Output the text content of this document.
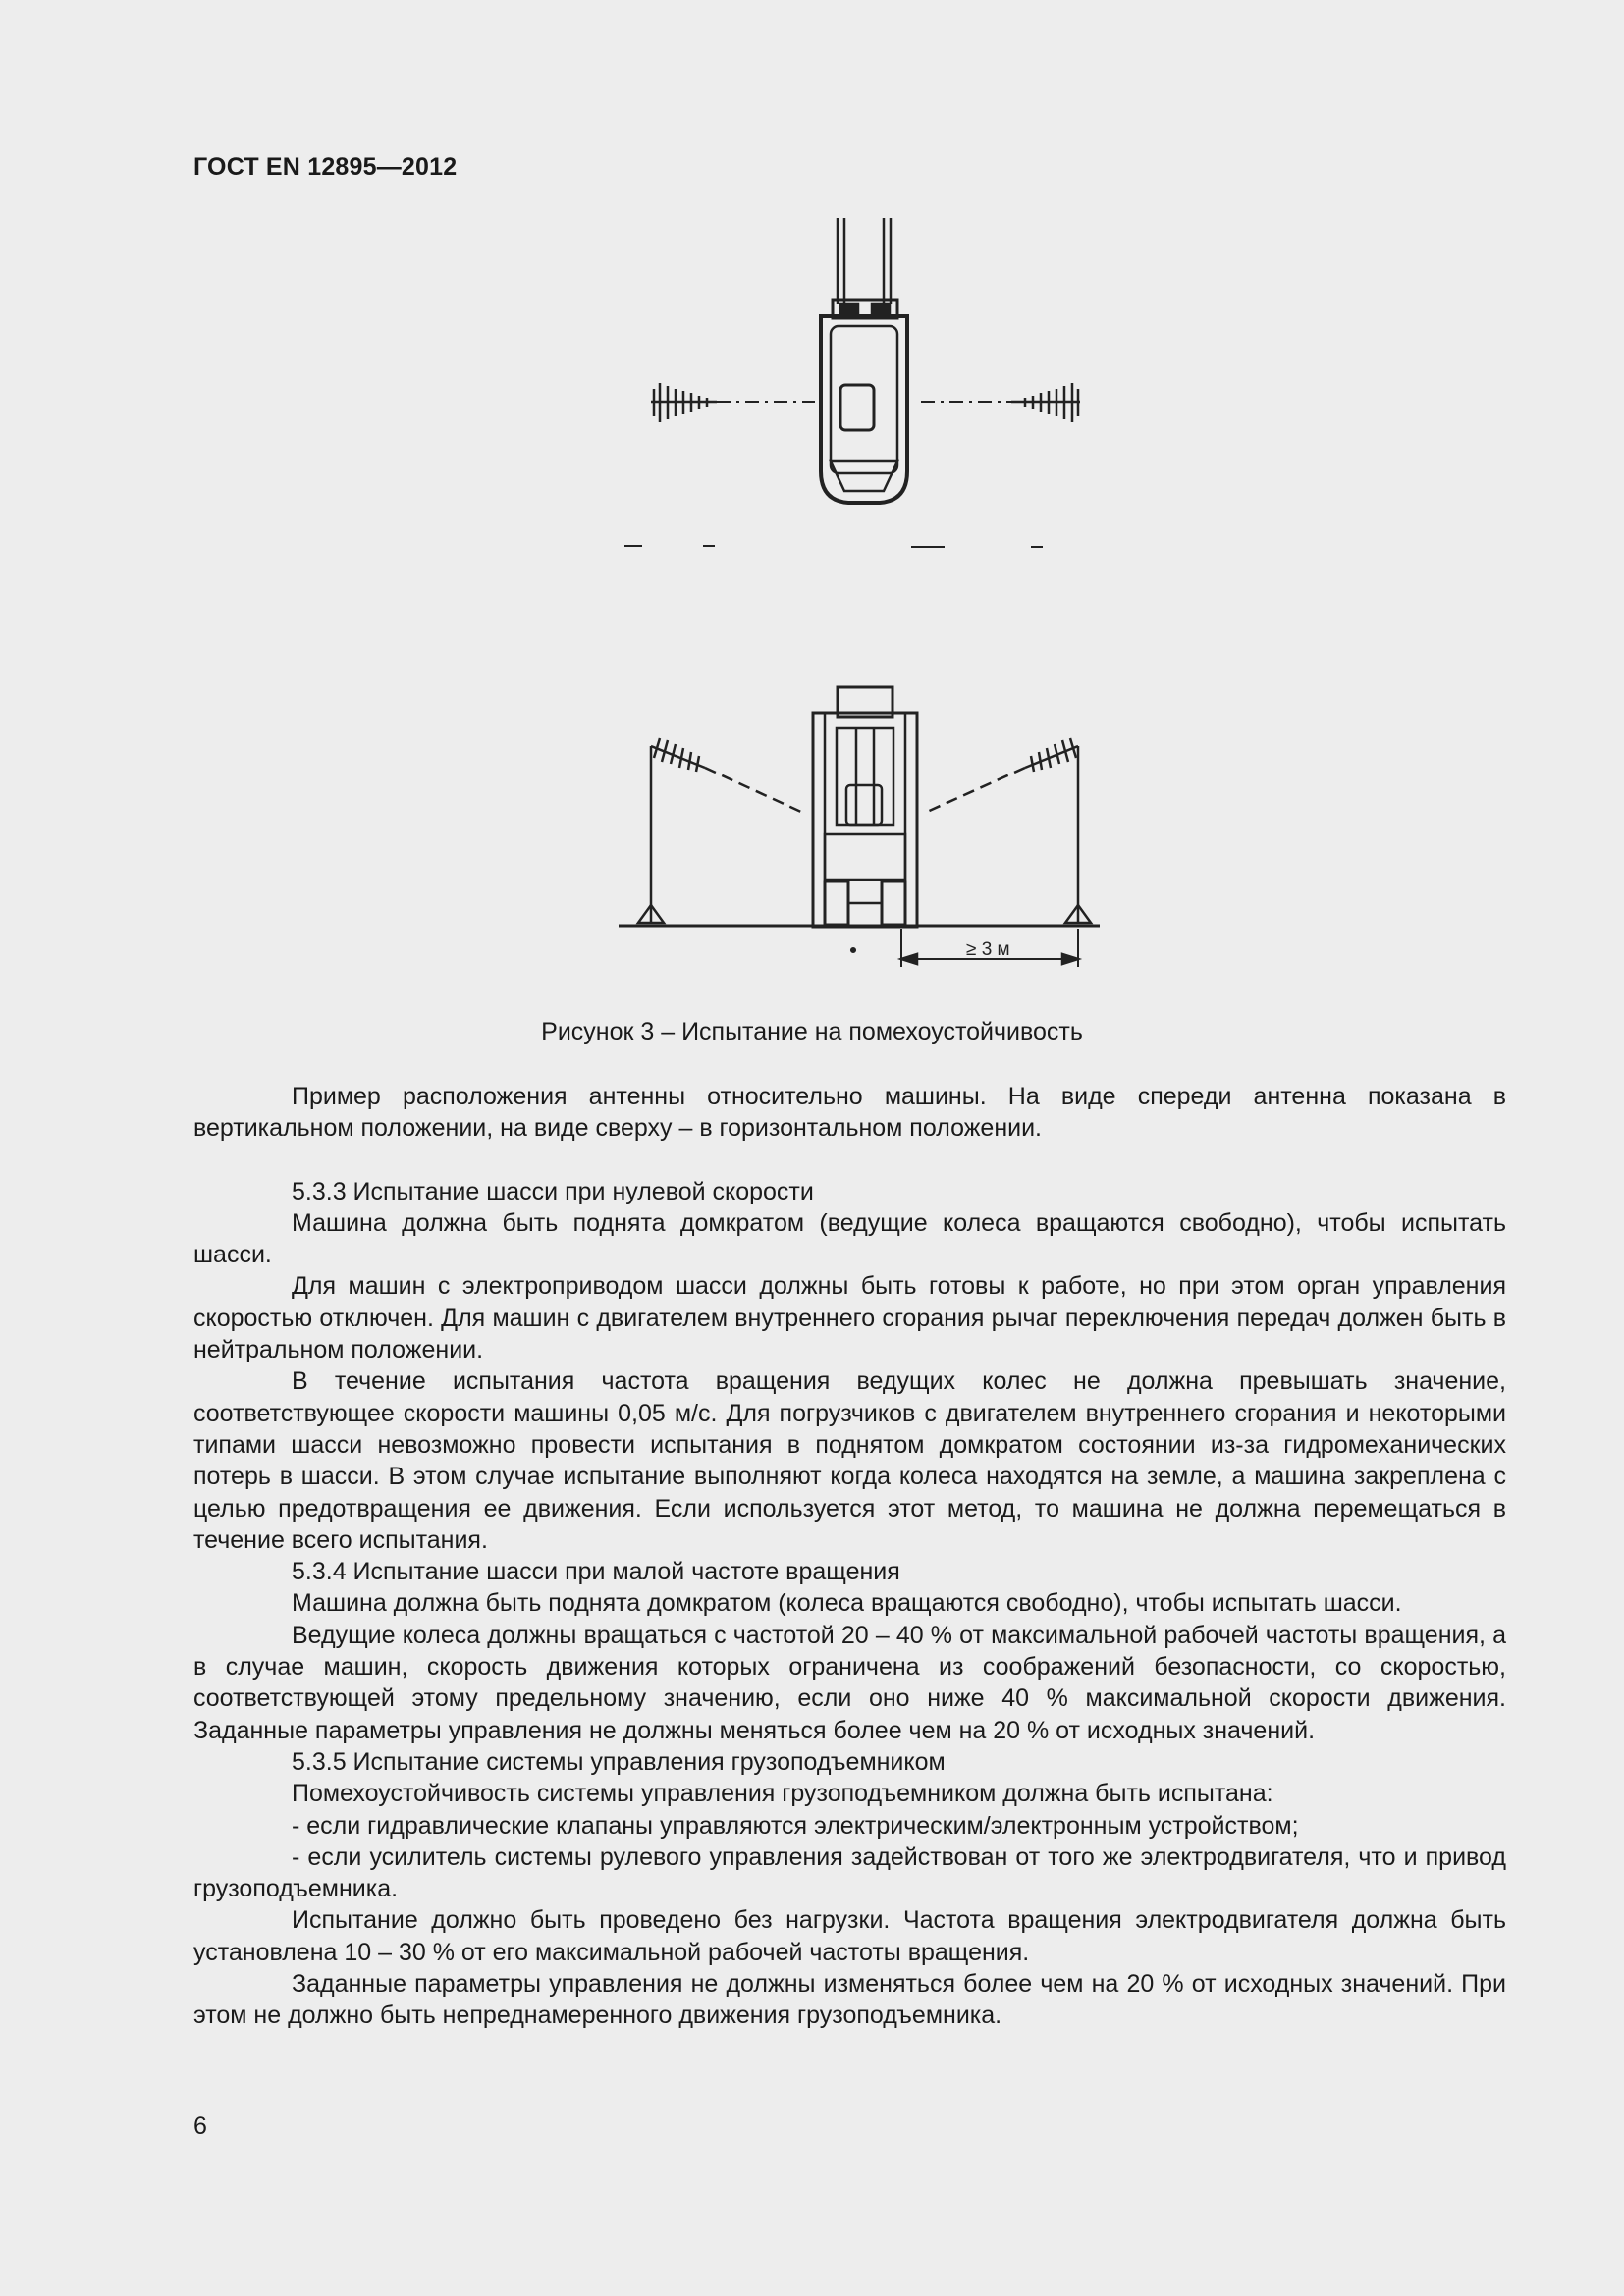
ГОСТ EN 12895—2012
≥ 3 м
Рисунок 3 – Испытание на помехоустойчивость

Пример расположения антенны относительно машины. На виде спереди антенна показана в вертикальном положении, на виде сверху – в горизонтальном положении.

5.3.3 Испытание шасси при нулевой скорости

Машина должна быть поднята домкратом (ведущие колеса вращаются свободно), чтобы испытать шасси.

Для машин с электроприводом шасси должны быть готовы к работе, но при этом орган управления скоростью отключен. Для машин с двигателем внутреннего сгорания рычаг переключения передач должен быть в нейтральном положении.

В течение испытания частота вращения ведущих колес не должна превышать значение, соответствующее скорости машины 0,05 м/с. Для погрузчиков с двигателем внутреннего сгорания и некоторыми типами шасси невозможно провести испытания в поднятом домкратом состоянии из-за гидромеханических потерь в шасси. В этом случае испытание выполняют когда колеса находятся на земле, а машина закреплена с целью предотвращения ее движения. Если используется этот метод, то машина не должна перемещаться в течение всего испытания.

5.3.4 Испытание шасси при малой частоте вращения

Машина должна быть поднята домкратом (колеса вращаются свободно), чтобы испытать шасси.

Ведущие колеса должны вращаться с частотой 20 – 40 % от максимальной рабочей частоты вращения, а в случае машин, скорость движения которых ограничена из соображений безопасности, со скоростью, соответствующей этому предельному значению, если оно ниже 40 % максимальной скорости движения. Заданные параметры управления не должны меняться более чем на 20 % от исходных значений.

5.3.5 Испытание системы управления грузоподъемником

Помехоустойчивость системы управления грузоподъемником должна быть испытана:

- если гидравлические клапаны управляются электрическим/электронным устройством;

- если усилитель системы рулевого управления задействован от того же электродвигателя, что и привод грузоподъемника.

Испытание должно быть проведено без нагрузки. Частота вращения электродвигателя должна быть установлена 10 – 30 % от его максимальной рабочей частоты вращения.

Заданные параметры управления не должны изменяться более чем на 20 % от исходных значений. При этом не должно быть непреднамеренного движения грузоподъемника.

6
